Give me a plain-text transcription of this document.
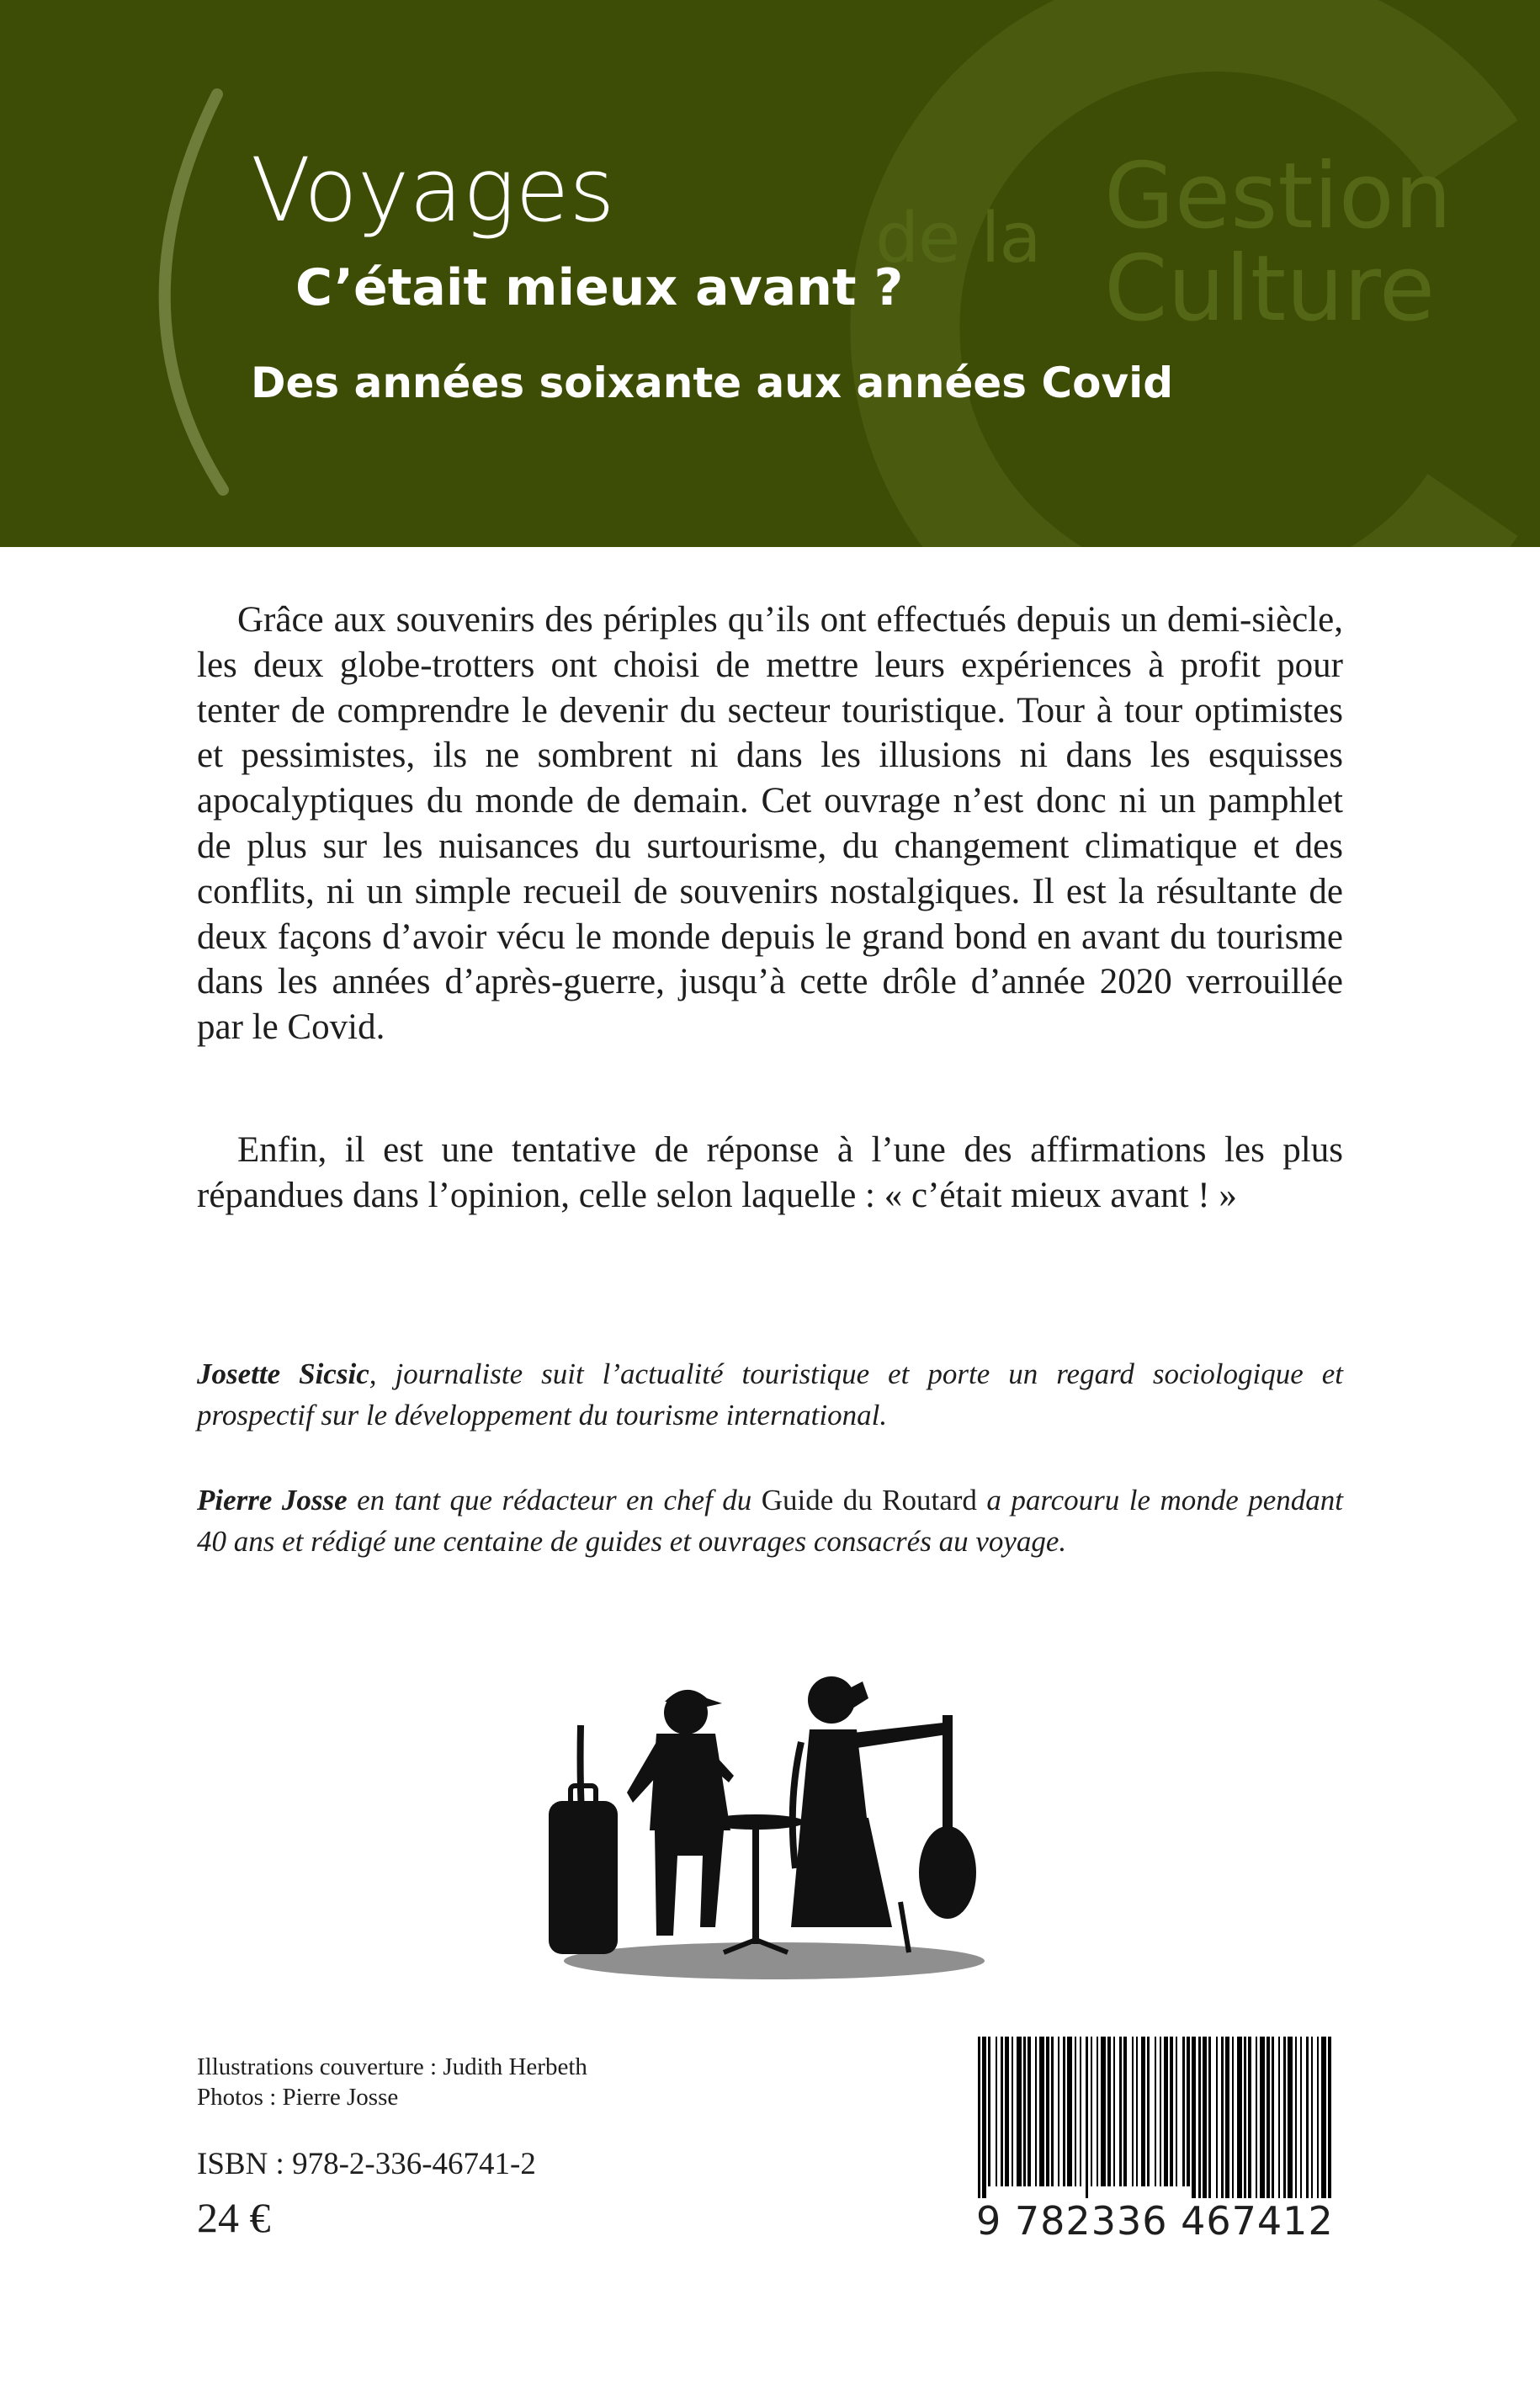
de la Gestion
Culture
Voyages
C’était mieux avant ?
Des années soixante aux années Covid

Grâce aux souvenirs des périples qu’ils ont effectués depuis un demi-siècle, les deux globe-trotters ont choisi de mettre leurs expériences à profit pour tenter de comprendre le devenir du secteur touristique. Tour à tour optimistes et pessimistes, ils ne sombrent ni dans les illusions ni dans les esquisses apocalyptiques du monde de demain. Cet ouvrage n’est donc ni un pamphlet de plus sur les nuisances du surtourisme, du changement climatique et des conflits, ni un simple recueil de souvenirs nostalgiques. Il est la résultante de deux façons d’avoir vécu le monde depuis le grand bond en avant du tourisme dans les années d’après-guerre, jusqu’à cette drôle d’année 2020 verrouillée par le Covid.

Enfin, il est une tentative de réponse à l’une des affirmations les plus répandues dans l’opinion, celle selon laquelle : « c’était mieux avant ! »

Josette Sicsic, journaliste suit l’actualité touristique et porte un regard sociologique et prospectif sur le développement du tourisme international.

Pierre Josse en tant que rédacteur en chef du Guide du Routard a parcouru le monde pendant 40 ans et rédigé une centaine de guides et ouvrages consacrés au voyage.

Illustrations couverture : Judith Herbeth

Photos : Pierre Josse

ISBN : 978-2-336-46741-2

24 €	9 782336 467412
